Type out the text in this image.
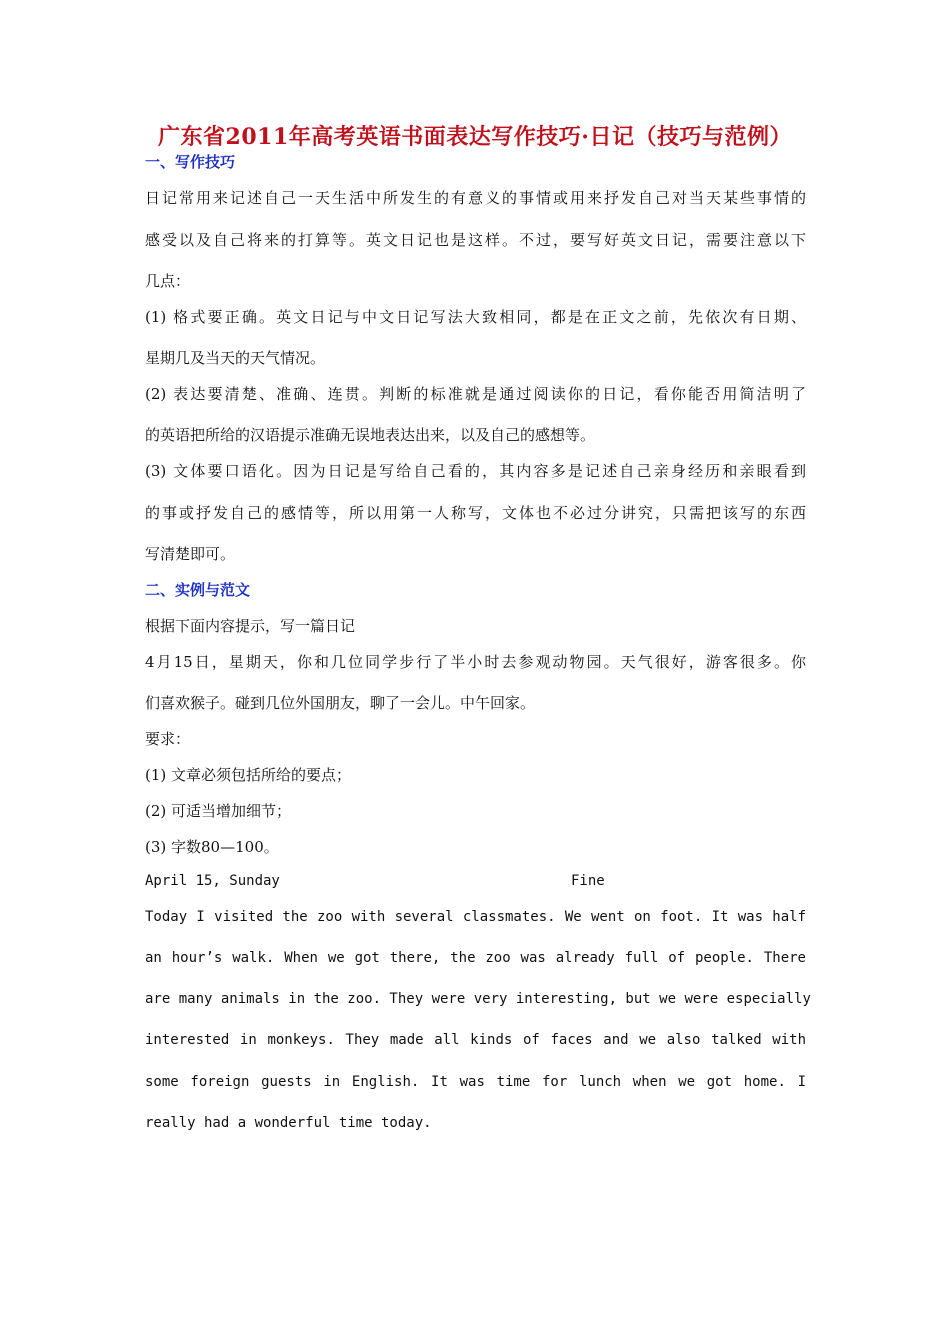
广东省2011年高考英语书面表达写作技巧·日记（技巧与范例）
一、写作技巧
日记常用来记述自己一天生活中所发生的有意义的事情或用来抒发自己对当天某些事情的
感受以及自己将来的打算等。英文日记也是这样。不过，要写好英文日记，需要注意以下
几点：
(1) 格式要正确。英文日记与中文日记写法大致相同，都是在正文之前，先依次有日期、
星期几及当天的天气情况。
(2) 表达要清楚、准确、连贯。判断的标准就是通过阅读你的日记，看你能否用简洁明了
的英语把所给的汉语提示准确无误地表达出来，以及自己的感想等。
(3) 文体要口语化。因为日记是写给自己看的，其内容多是记述自己亲身经历和亲眼看到
的事或抒发自己的感情等，所以用第一人称写，文体也不必过分讲究，只需把该写的东西
写清楚即可。
二、实例与范文
根据下面内容提示，写一篇日记
4月15日，星期天，你和几位同学步行了半小时去参观动物园。天气很好，游客很多。你
们喜欢猴子。碰到几位外国朋友，聊了一会儿。中午回家。
要求：
(1) 文章必须包括所给的要点；
(2) 可适当增加细节；
(3) 字数80—100。
April 15, Sunday	Fine
Today I visited the zoo with several classmates. We went on foot. It was half
an hour’s walk. When we got there, the zoo was already full of people. There
are many animals in the zoo. They were very interesting, but we were especially
interested in monkeys. They made all kinds of faces and we also talked with
some foreign guests in English. It was time for lunch when we got home. I
really had a wonderful time today.
